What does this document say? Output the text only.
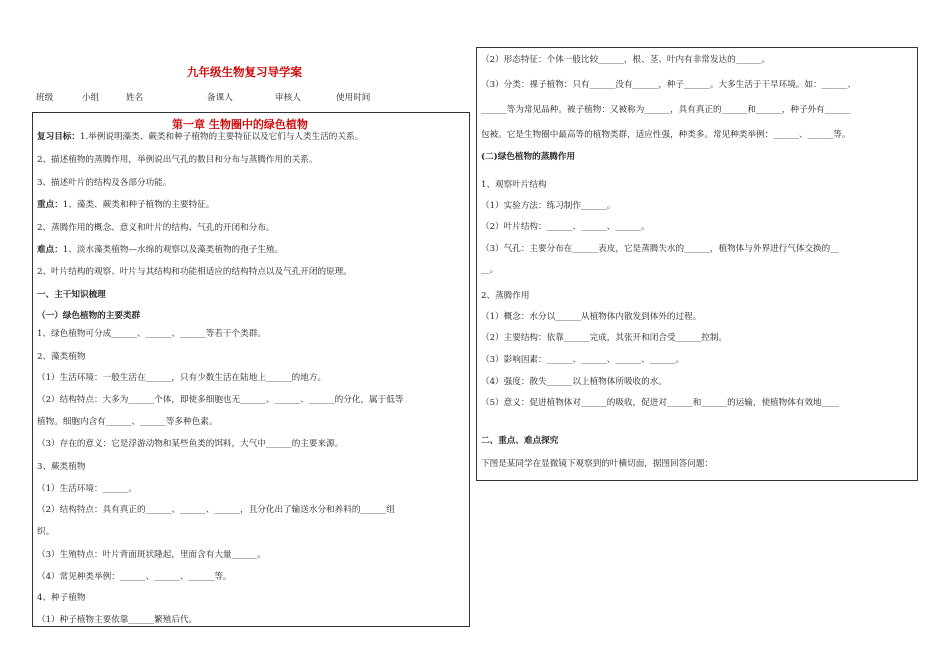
九年级生物复习导学案
班级	小组	姓名	备课人	审核人	使用时间
第一章 生物圈中的绿色植物
复习目标：1.举例说明藻类、蕨类和种子植物的主要特征以及它们与人类生活的关系。
2、描述植物的蒸腾作用，举例说出气孔的数目和分布与蒸腾作用的关系。
3、描述叶片的结构及各部分功能。
重点：1、藻类、蕨类和种子植物的主要特征。
2、蒸腾作用的概念、意义和叶片的结构、气孔的开闭和分布。
难点：1、淡水藻类植物—水绵的观察以及藻类植物的孢子生殖。
2、叶片结构的观察、叶片与其结构和功能相适应的结构特点以及气孔开闭的原理。
一、主干知识梳理
（一）绿色植物的主要类群
1、绿色植物可分成______、______、______等若干个类群。
2、藻类植物
（1）生活环境：一般生活在______，只有少数生活在陆地上______的地方。
（2）结构特点：大多为______个体，即使多细胞也无______、______、______的分化，属于低等
植物。细胞内含有______、______等多种色素。
（3）存在的意义：它是浮游动物和某些鱼类的饵料，大气中______的主要来源。
3、蕨类植物
（1）生活环境：______。
（2）结构特点：具有真正的______、______、______，且分化出了输送水分和养料的______组
织。
（3）生殖特点：叶片背面斑状隆起，里面含有大量______。
（4）常见种类举例：______、______、______等。
4、种子植物
（1）种子植物主要依靠______繁殖后代。
（2）形态特征：个体一般比较______，根、茎、叶内有非常发达的______。
（3）分类：裸子植物：只有______没有______，种子______。大多生活于干旱环境。如：______、
______等为常见品种。被子植物：又被称为______，具有真正的______和______，种子外有______
包被。它是生物圈中最高等的植物类群，适应性强，种类多。常见种类举例：______、______等。
(二)绿色植物的蒸腾作用
1、观察叶片结构
（1）实验方法：练习制作______。
（2）叶片结构：______、______、______。
（3）气孔：主要分布在______表皮，它是蒸腾失水的______，植物体与外界进行气体交换的__
__。
2、蒸腾作用
（1）概念：水分以______从植物体内散发到体外的过程。
（2）主要结构：依靠______完成，其张开和闭合受______控制。
（3）影响因素：______、______、______、______。
（4）强度：散失______以上植物体所吸收的水。
（5）意义：促进植物体对______的吸收，促进对______和______的运输，使植物体有效地____
二、重点、难点探究
下图是某同学在显微镜下观察到的叶横切面，据图回答问题：
